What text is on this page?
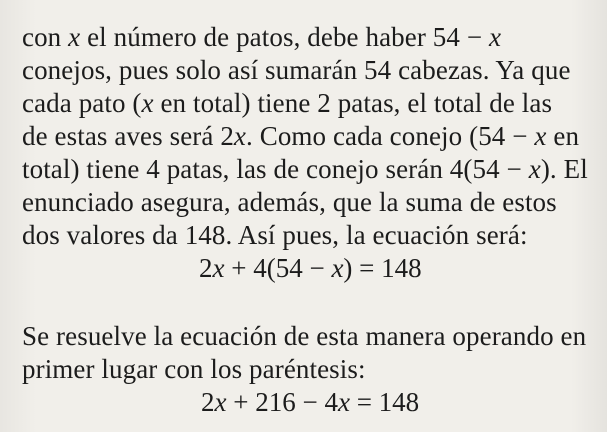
con x el número de patos, debe haber 54 − x
conejos, pues solo así sumarán 54 cabezas. Ya que
cada pato (x en total) tiene 2 patas, el total de las
de estas aves será 2x. Como cada conejo (54 − x en
total) tiene 4 patas, las de conejo serán 4(54 − x). El
enunciado asegura, además, que la suma de estos
dos valores da 148. Así pues, la ecuación será:
2x + 4(54 − x) = 148
Se resuelve la ecuación de esta manera operando en
primer lugar con los paréntesis:
2x + 216 − 4x = 148
